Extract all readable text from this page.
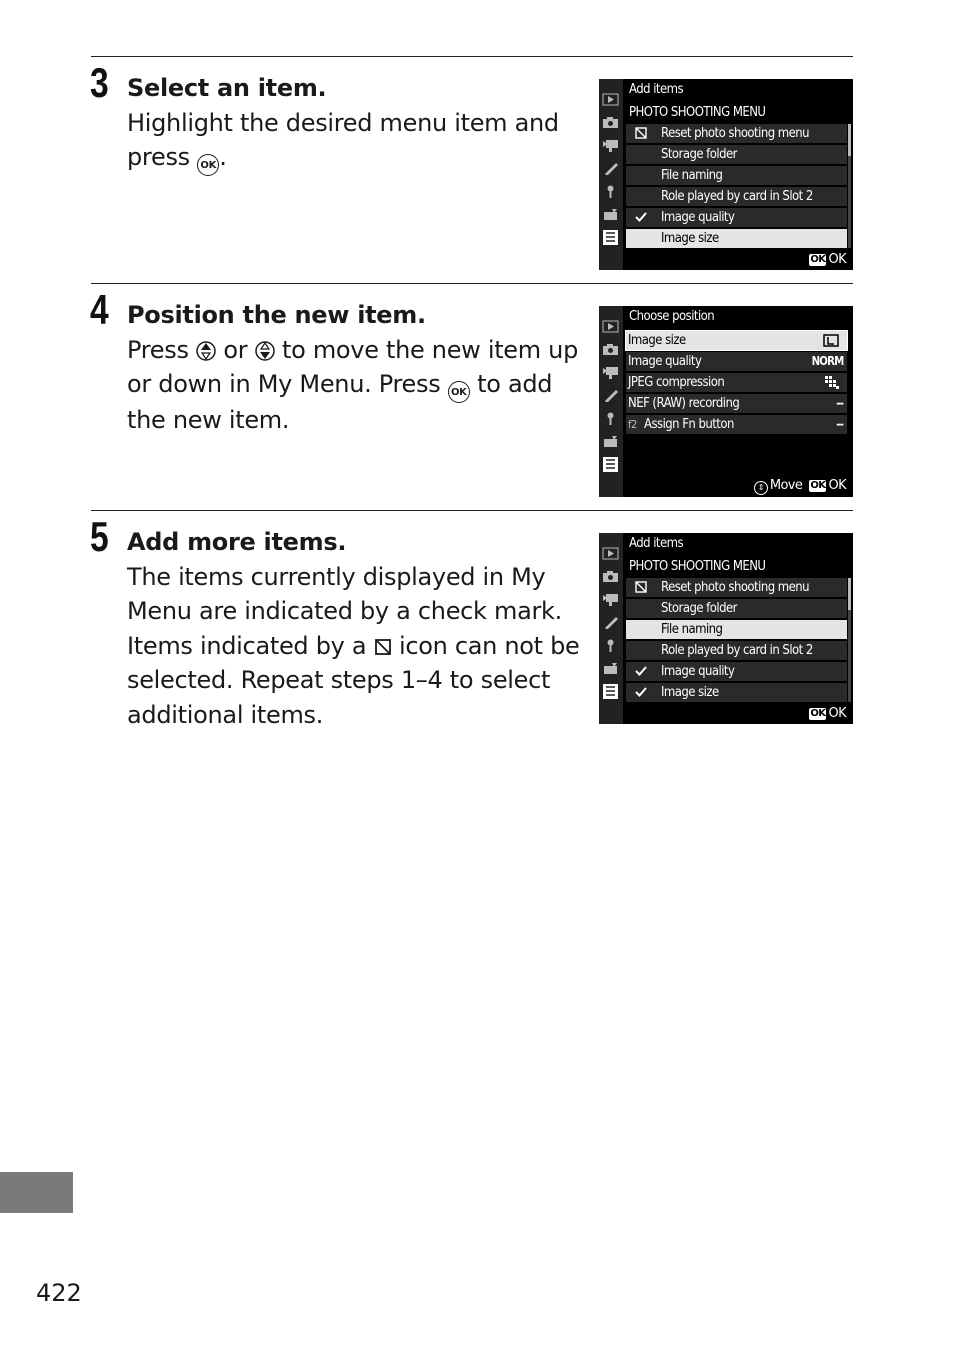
3 Select an item.
Highlight the desired menu item and
press OK .
Add items
PHOTO SHOOTING MENU
Reset photo shooting menu
Storage folder
File naming
Role played by card in Slot 2
Image quality
Image size
OK OK
4 Position the new item.
Press or to move the new item up
or down in My Menu. Press OK to add
the new item.
Choose position
Image size
Image quality	NORM
JPEG compression
NEF (RAW) recording	--
f2 Assign Fn button	--
⇕ Move OK OK
5 Add more items.
The items currently displayed in My
Menu are indicated by a check mark.
Items indicated by a icon can not be
selected. Repeat steps 1–4 to select
additional items.
Add items
PHOTO SHOOTING MENU
Reset photo shooting menu
Storage folder
File naming
Role played by card in Slot 2
Image quality
Image size
OK OK
422
